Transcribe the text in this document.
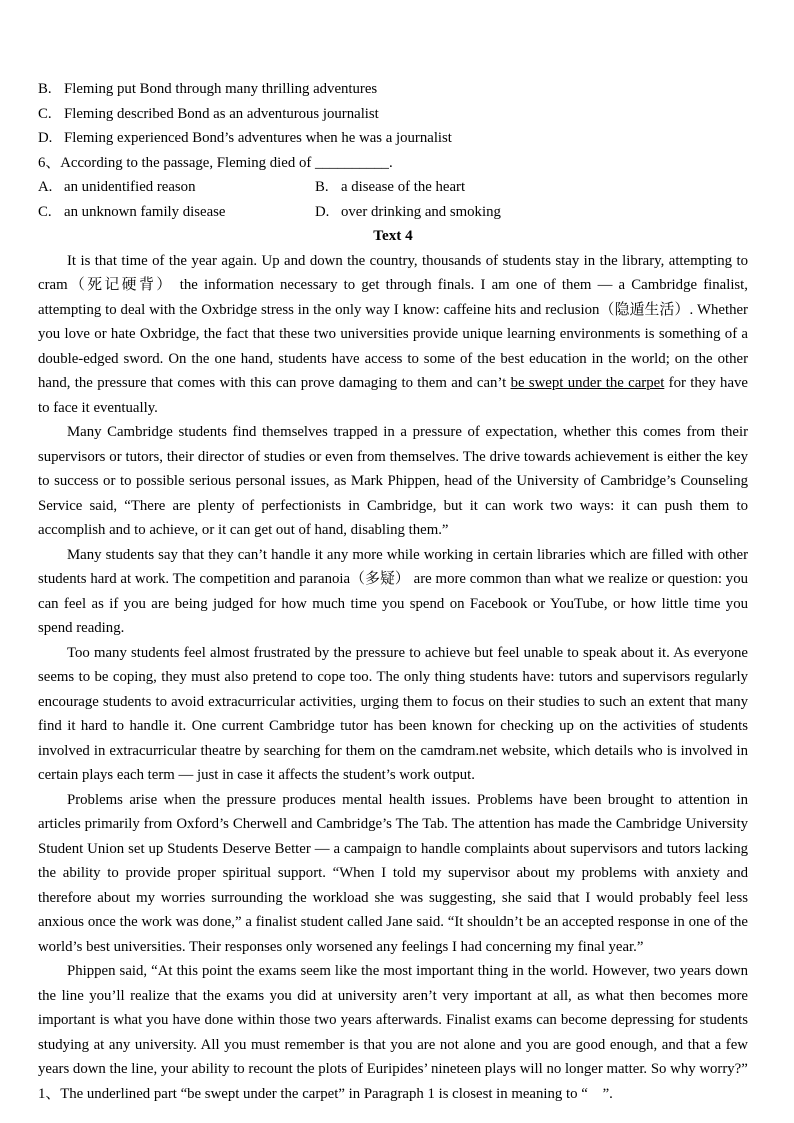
B. Fleming put Bond through many thrilling adventures
C. Fleming described Bond as an adventurous journalist
D. Fleming experienced Bond’s adventures when he was a journalist
6、According to the passage, Fleming died of __________.
A. an unidentified reason	B. a disease of the heart
C. an unknown family disease	D. over drinking and smoking
Text 4

It is that time of the year again. Up and down the country, thousands of students stay in the library, attempting to cram（死记硬背） the information necessary to get through finals. I am one of them — a Cambridge finalist, attempting to deal with the Oxbridge stress in the only way I know: caffeine hits and reclusion（隐遁生活）. Whether you love or hate Oxbridge, the fact that these two universities provide unique learning environments is something of a double-edged sword. On the one hand, students have access to some of the best education in the world; on the other hand, the pressure that comes with this can prove damaging to them and can’t be swept under the carpet for they have to face it eventually.

Many Cambridge students find themselves trapped in a pressure of expectation, whether this comes from their supervisors or tutors, their director of studies or even from themselves. The drive towards achievement is either the key to success or to possible serious personal issues, as Mark Phippen, head of the University of Cambridge’s Counseling Service said, “There are plenty of perfectionists in Cambridge, but it can work two ways: it can push them to accomplish and to achieve, or it can get out of hand, disabling them.”

Many students say that they can’t handle it any more while working in certain libraries which are filled with other students hard at work. The competition and paranoia（多疑） are more common than what we realize or question: you can feel as if you are being judged for how much time you spend on Facebook or YouTube, or how little time you spend reading.

Too many students feel almost frustrated by the pressure to achieve but feel unable to speak about it. As everyone seems to be coping, they must also pretend to cope too. The only thing students have: tutors and supervisors regularly encourage students to avoid extracurricular activities, urging them to focus on their studies to such an extent that many find it hard to handle it. One current Cambridge tutor has been known for checking up on the activities of students involved in extracurricular theatre by searching for them on the camdram.net website, which details who is involved in certain plays each term — just in case it affects the student’s work output.

Problems arise when the pressure produces mental health issues. Problems have been brought to attention in articles primarily from Oxford’s Cherwell and Cambridge’s The Tab. The attention has made the Cambridge University Student Union set up Students Deserve Better — a campaign to handle complaints about supervisors and tutors lacking the ability to provide proper spiritual support. “When I told my supervisor about my problems with anxiety and therefore about my worries surrounding the workload she was suggesting, she said that I would probably feel less anxious once the work was done,” a finalist student called Jane said. “It shouldn’t be an accepted response in one of the world’s best universities. Their responses only worsened any feelings I had concerning my final year.”

Phippen said, “At this point the exams seem like the most important thing in the world. However, two years down the line you’ll realize that the exams you did at university aren’t very important at all, as what then becomes more important is what you have done within those two years afterwards. Finalist exams can become depressing for students studying at any university. All you must remember is that you are not alone and you are good enough, and that a few years down the line, your ability to recount the plots of Euripides’ nineteen plays will no longer matter. So why worry?”

1、The underlined part “be swept under the carpet” in Paragraph 1 is closest in meaning to “    ”.
